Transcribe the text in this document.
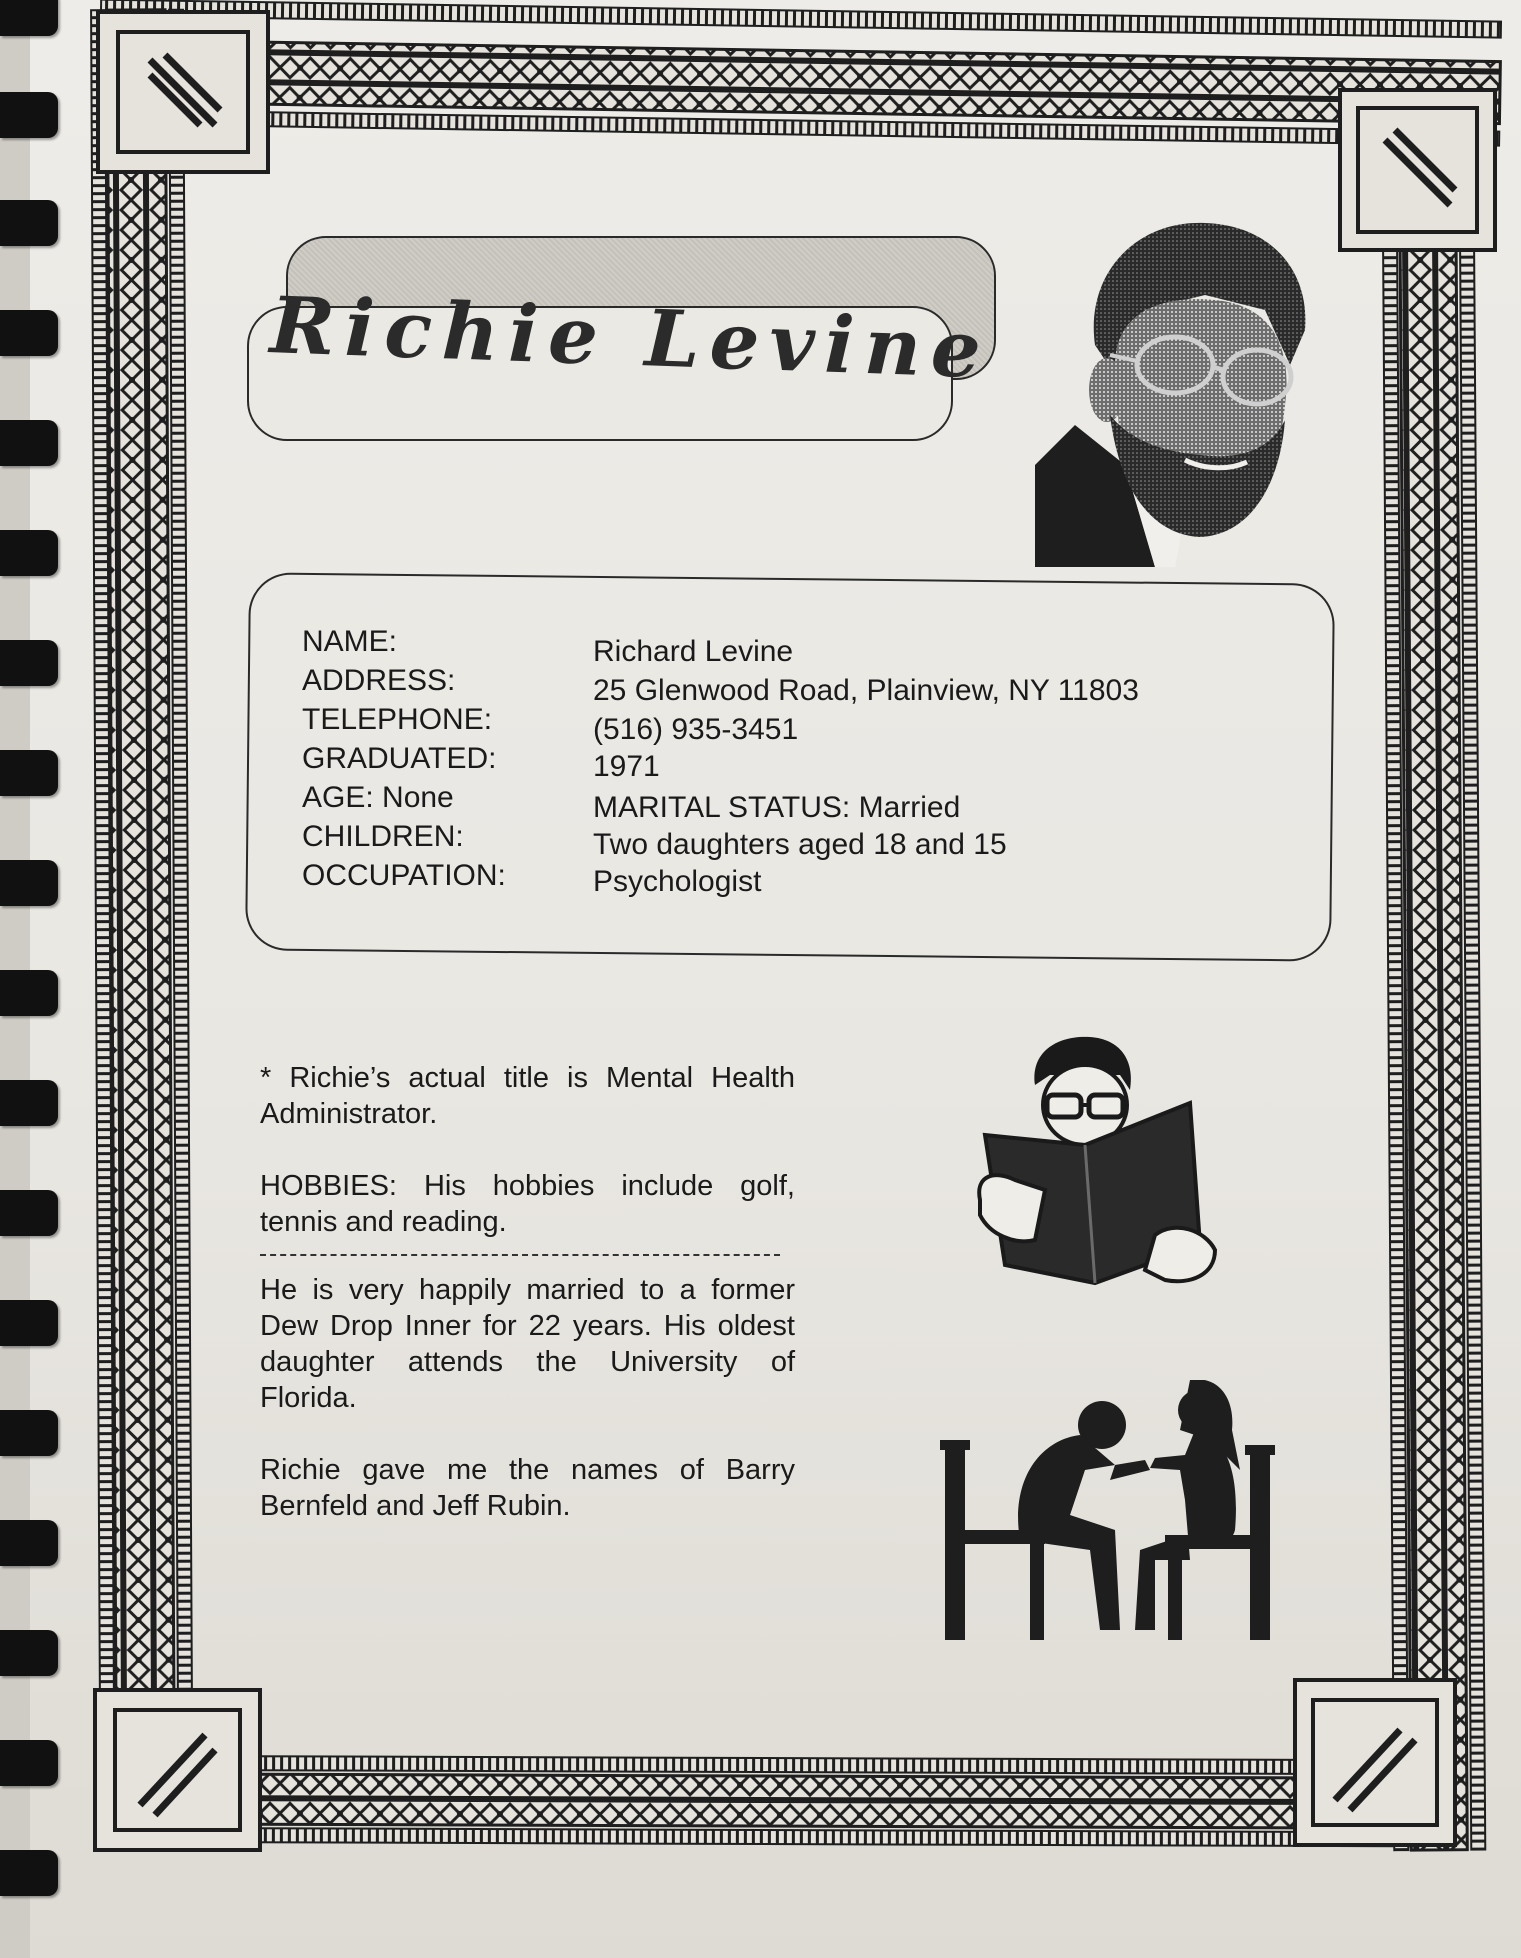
Richie Levine
NAME:	Richard Levine
ADDRESS:	25 Glenwood Road, Plainview, NY 11803
TELEPHONE:	(516) 935-3451
GRADUATED:	1971
AGE: None	MARITAL STATUS: Married
CHILDREN:	Two daughters aged 18 and 15
OCCUPATION:	Psychologist

* Richie’s actual title is Mental Health Administrator.

HOBBIES: His hobbies include golf, tennis and reading.

He is very happily married to a former Dew Drop Inner for 22 years. His oldest daughter attends the University of Florida.

Richie gave me the names of Barry Bernfeld and Jeff Rubin.
